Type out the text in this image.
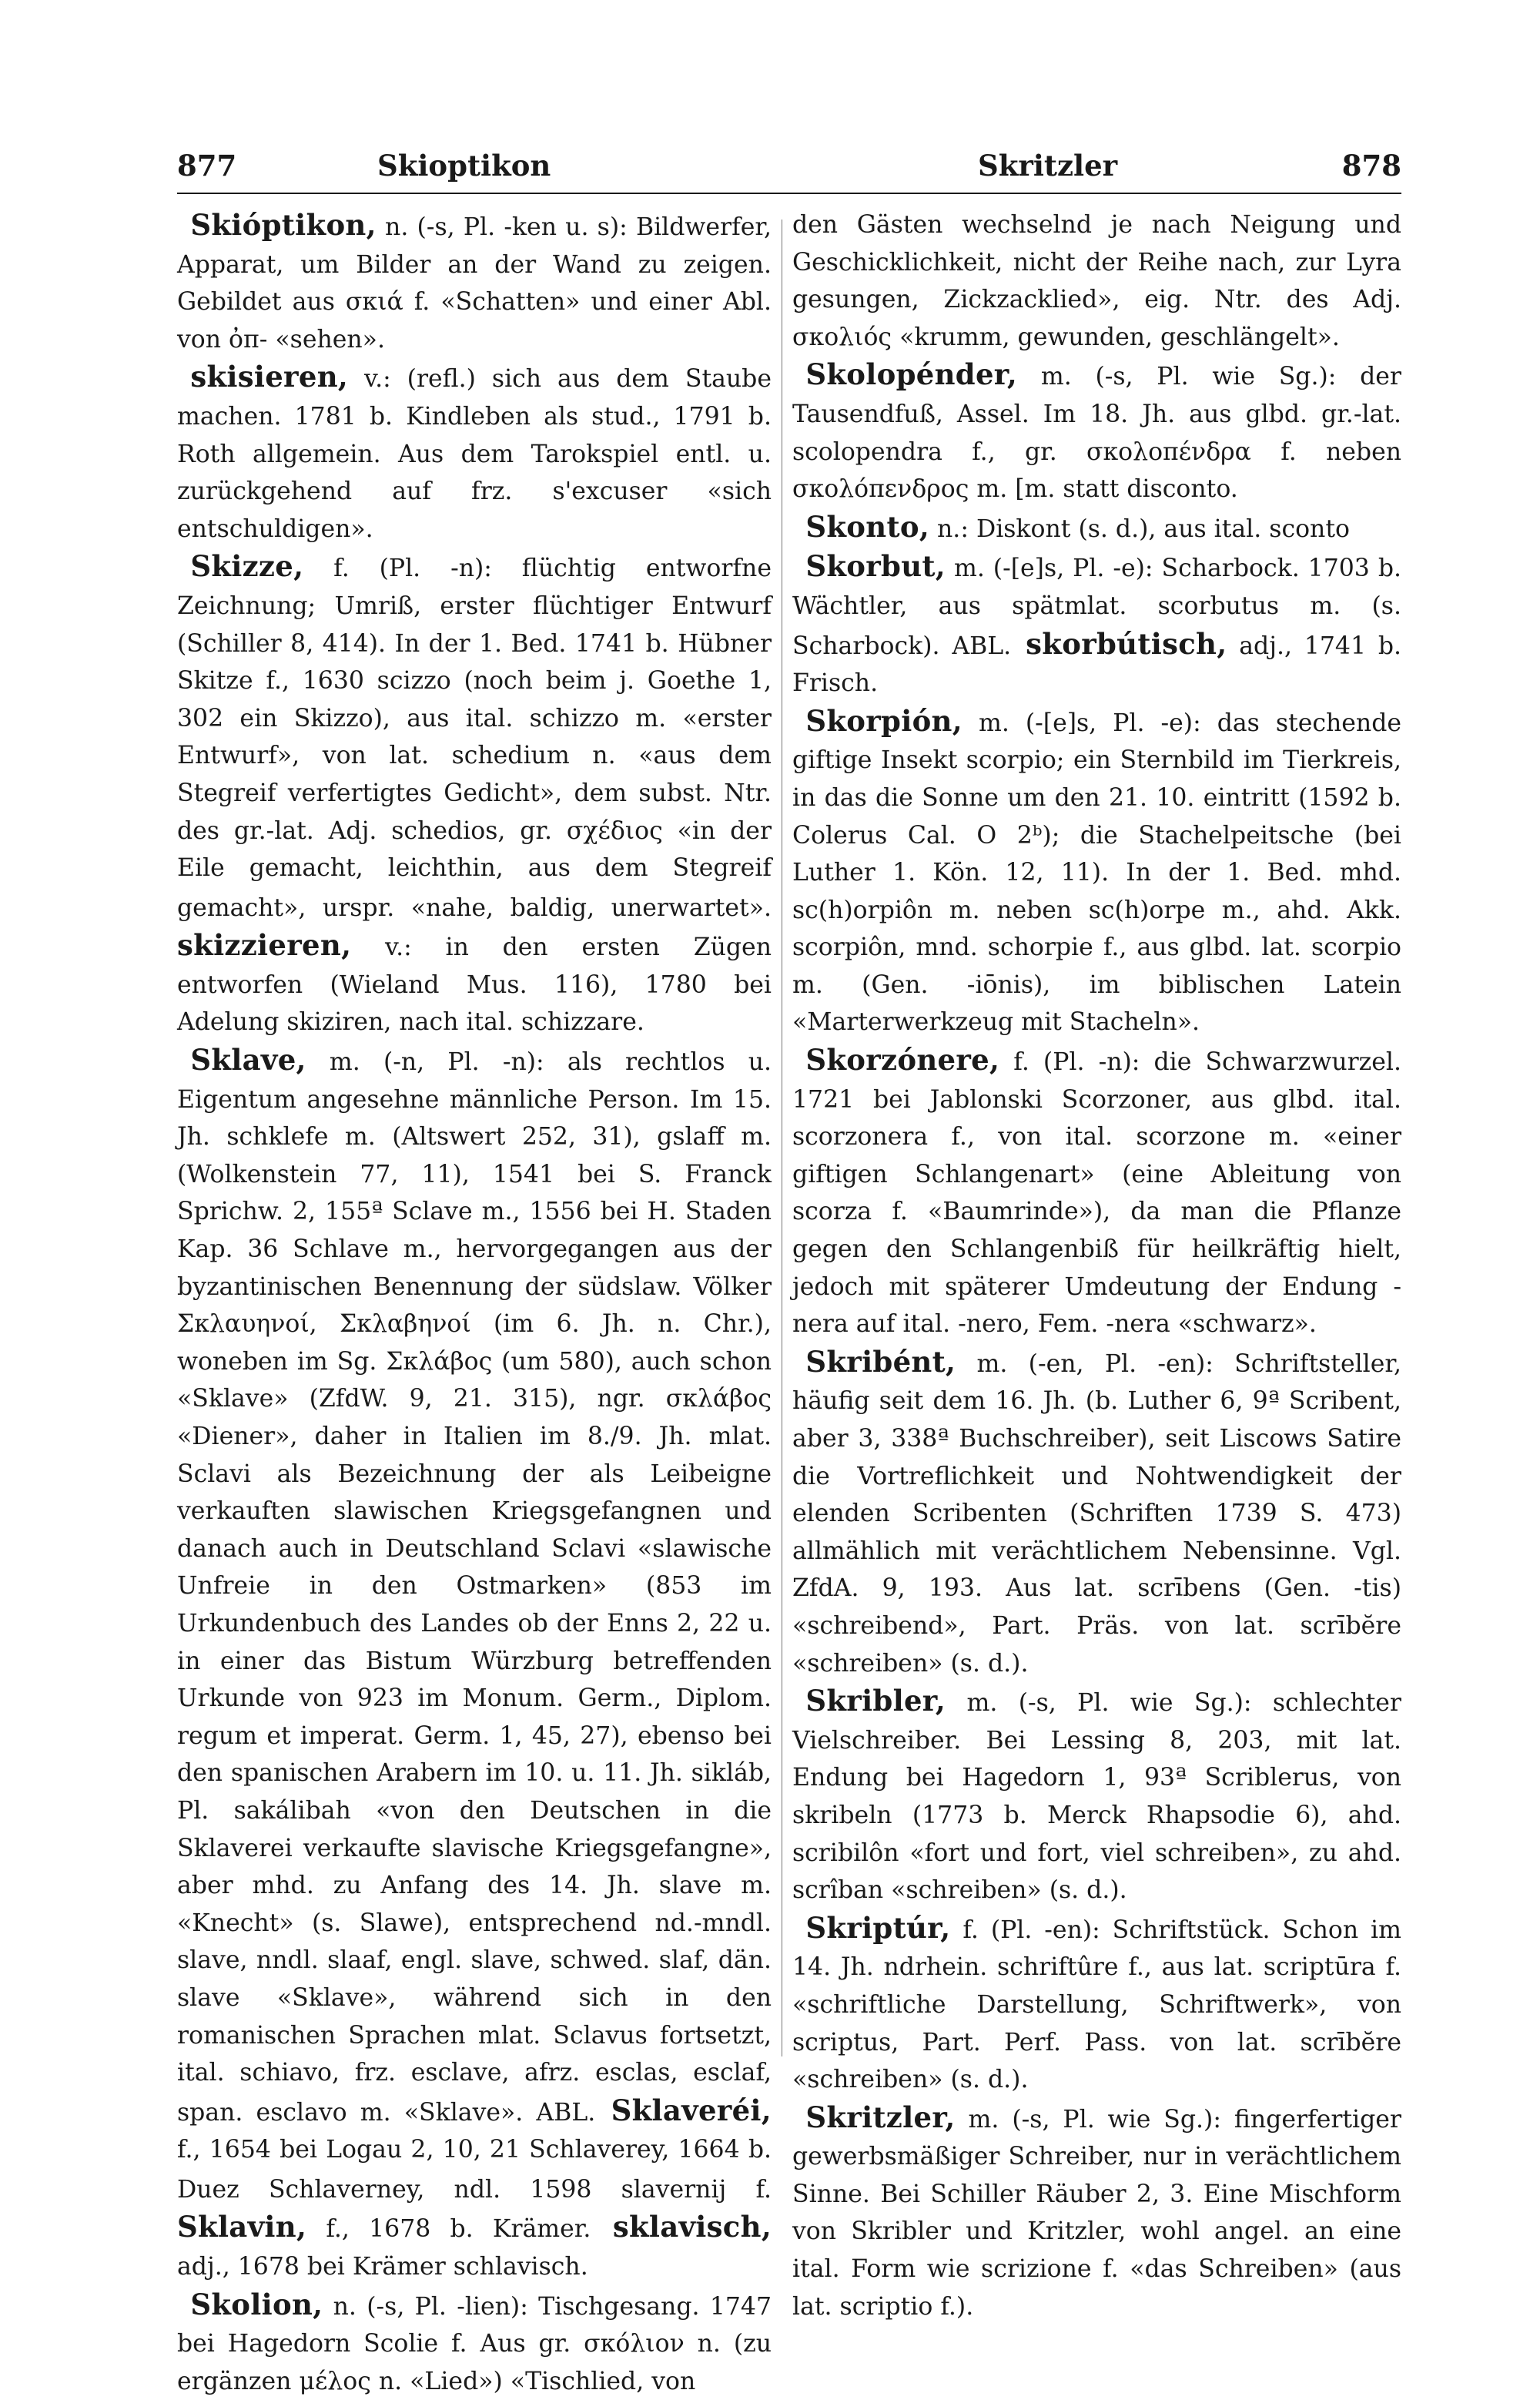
877	Skioptikon	Skritzler	878

Skióptikon, n. (-s, Pl. -ken u. s): Bildwerfer, Apparat, um Bilder an der Wand zu zeigen. Gebildet aus σκιά f. «Schatten» und einer Abl. von ὀπ- «sehen».

skisieren, v.: (refl.) sich aus dem Staube machen. 1781 b. Kindleben als stud., 1791 b. Roth allgemein. Aus dem Tarokspiel entl. u. zurückgehend auf frz. s'excuser «sich entschuldigen».

Skizze, f. (Pl. -n): flüchtig entworfne Zeichnung; Umriß, erster flüchtiger Entwurf (Schiller 8, 414). In der 1. Bed. 1741 b. Hübner Skitze f., 1630 scizzo (noch beim j. Goethe 1, 302 ein Skizzo), aus ital. schizzo m. «erster Entwurf», von lat. schedium n. «aus dem Stegreif verfertigtes Gedicht», dem subst. Ntr. des gr.-lat. Adj. schedios, gr. σχέδιος «in der Eile gemacht, leichthin, aus dem Stegreif gemacht», urspr. «nahe, baldig, unerwartet». skizzieren, v.: in den ersten Zügen entworfen (Wieland Mus. 116), 1780 bei Adelung skiziren, nach ital. schizzare.

Sklave, m. (-n, Pl. -n): als rechtlos u. Eigentum angesehne männliche Person. Im 15. Jh. schklefe m. (Altswert 252, 31), gslaff m. (Wolkenstein 77, 11), 1541 bei S. Franck Sprichw. 2, 155ª Sclave m., 1556 bei H. Staden Kap. 36 Schlave m., hervorgegangen aus der byzantinischen Benennung der südslaw. Völker Σκλαυηνοί, Σκλαβηνοί (im 6. Jh. n. Chr.), woneben im Sg. Σκλάβος (um 580), auch schon «Sklave» (ZfdW. 9, 21. 315), ngr. σκλάβος «Diener», daher in Italien im 8./9. Jh. mlat. Sclavi als Bezeichnung der als Leibeigne verkauften slawischen Kriegsgefangnen und danach auch in Deutschland Sclavi «slawische Unfreie in den Ostmarken» (853 im Urkundenbuch des Landes ob der Enns 2, 22 u. in einer das Bistum Würzburg betreffenden Urkunde von 923 im Monum. Germ., Diplom. regum et imperat. Germ. 1, 45, 27), ebenso bei den spanischen Arabern im 10. u. 11. Jh. sikláb, Pl. sakálibah «von den Deutschen in die Sklaverei verkaufte slavische Kriegsgefangne», aber mhd. zu Anfang des 14. Jh. slave m. «Knecht» (s. Slawe), entsprechend nd.-mndl. slave, nndl. slaaf, engl. slave, schwed. slaf, dän. slave «Sklave», während sich in den romanischen Sprachen mlat. Sclavus fortsetzt, ital. schiavo, frz. esclave, afrz. esclas, esclaf, span. esclavo m. «Sklave». ABL. Sklaveréi, f., 1654 bei Logau 2, 10, 21 Schlaverey, 1664 b. Duez Schlaverney, ndl. 1598 slavernij f. Sklavin, f., 1678 b. Krämer. sklavisch, adj., 1678 bei Krämer schlavisch.

Skolion, n. (-s, Pl. -lien): Tischgesang. 1747 bei Hagedorn Scolie f. Aus gr. σκόλιον n. (zu ergänzen μέλος n. «Lied») «Tischlied, von

den Gästen wechselnd je nach Neigung und Geschicklichkeit, nicht der Reihe nach, zur Lyra gesungen, Zickzacklied», eig. Ntr. des Adj. σκολιός «krumm, gewunden, geschlängelt».

Skolopénder, m. (-s, Pl. wie Sg.): der Tausendfuß, Assel. Im 18. Jh. aus glbd. gr.-lat. scolopendra f., gr. σκολοπένδρα f. neben σκολόπενδρος m. [m. statt disconto.

Skonto, n.: Diskont (s. d.), aus ital. sconto

Skorbut, m. (-[e]s, Pl. -e): Scharbock. 1703 b. Wächtler, aus spätmlat. scorbutus m. (s. Scharbock). ABL. skorbútisch, adj., 1741 b. Frisch.

Skorpión, m. (-[e]s, Pl. -e): das stechende giftige Insekt scorpio; ein Sternbild im Tierkreis, in das die Sonne um den 21. 10. eintritt (1592 b. Colerus Cal. O 2ᵇ); die Stachelpeitsche (bei Luther 1. Kön. 12, 11). In der 1. Bed. mhd. sc(h)orpiôn m. neben sc(h)orpe m., ahd. Akk. scorpiôn, mnd. schorpie f., aus glbd. lat. scorpio m. (Gen. -iōnis), im biblischen Latein «Marterwerkzeug mit Stacheln».

Skorzónere, f. (Pl. -n): die Schwarzwurzel. 1721 bei Jablonski Scorzoner, aus glbd. ital. scorzonera f., von ital. scorzone m. «einer giftigen Schlangenart» (eine Ableitung von scorza f. «Baumrinde»), da man die Pflanze gegen den Schlangenbiß für heilkräftig hielt, jedoch mit späterer Umdeutung der Endung -nera auf ital. -nero, Fem. -nera «schwarz».

Skribént, m. (-en, Pl. -en): Schriftsteller, häufig seit dem 16. Jh. (b. Luther 6, 9ª Scribent, aber 3, 338ª Buchschreiber), seit Liscows Satire die Vortreflichkeit und Nohtwendigkeit der elenden Scribenten (Schriften 1739 S. 473) allmählich mit verächtlichem Nebensinne. Vgl. ZfdA. 9, 193. Aus lat. scrībens (Gen. -tis) «schreibend», Part. Präs. von lat. scrībĕre «schreiben» (s. d.).

Skribler, m. (-s, Pl. wie Sg.): schlechter Vielschreiber. Bei Lessing 8, 203, mit lat. Endung bei Hagedorn 1, 93ª Scriblerus, von skribeln (1773 b. Merck Rhapsodie 6), ahd. scribilôn «fort und fort, viel schreiben», zu ahd. scrîban «schreiben» (s. d.).

Skriptúr, f. (Pl. -en): Schriftstück. Schon im 14. Jh. ndrhein. schriftûre f., aus lat. scriptūra f. «schriftliche Darstellung, Schriftwerk», von scriptus, Part. Perf. Pass. von lat. scrībĕre «schreiben» (s. d.).

Skritzler, m. (-s, Pl. wie Sg.): fingerfertiger gewerbsmäßiger Schreiber, nur in verächtlichem Sinne. Bei Schiller Räuber 2, 3. Eine Mischform von Skribler und Kritzler, wohl angel. an eine ital. Form wie scrizione f. «das Schreiben» (aus lat. scriptio f.).
